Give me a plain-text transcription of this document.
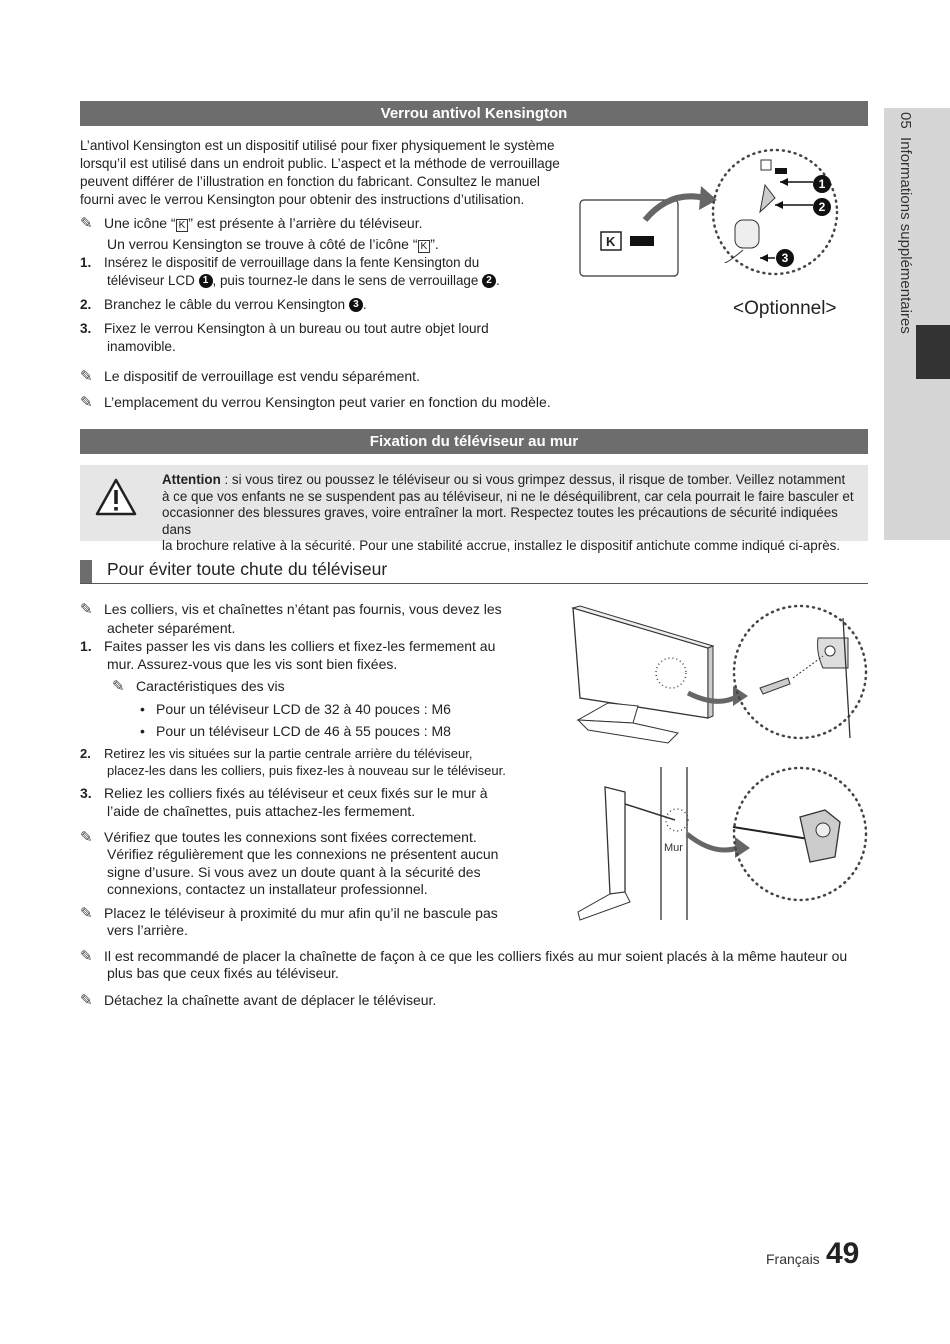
05  Informations supplémentaires
Verrou antivol Kensington
L’antivol Kensington est un dispositif utilisé pour fixer physiquement le système
lorsqu’il est utilisé dans un endroit public. L’aspect et la méthode de verrouillage
peuvent différer de l’illustration en fonction du fabricant. Consultez le manuel
fourni avec le verrou Kensington pour obtenir des instructions d’utilisation.
✎ Une icône “ K ” est présente à l’arrière du téléviseur.
Un verrou Kensington se trouve à côté de l’icône “ K ”.
1. Insérez le dispositif de verrouillage dans la fente Kensington du
téléviseur LCD 1 , puis tournez-le dans le sens de verrouillage 2 .
2. Branchez le câble du verrou Kensington 3 .
3. Fixez le verrou Kensington à un bureau ou tout autre objet lourd
inamovible.
✎ Le dispositif de verrouillage est vendu séparément.
✎ L’emplacement du verrou Kensington peut varier en fonction du modèle.
K
1
2
3
<Optionnel>
Fixation du téléviseur au mur
Attention : si vous tirez ou poussez le téléviseur ou si vous grimpez dessus, il risque de tomber. Veillez notamment
à ce que vos enfants ne se suspendent pas au téléviseur, ni ne le déséquilibrent, car cela pourrait le faire basculer et
occasionner des blessures graves, voire entraîner la mort. Respectez toutes les précautions de sécurité indiquées dans
la brochure relative à la sécurité. Pour une stabilité accrue, installez le dispositif antichute comme indiqué ci-après.
Pour éviter toute chute du téléviseur
✎ Les colliers, vis et chaînettes n’étant pas fournis, vous devez les
acheter séparément.
1. Faites passer les vis dans les colliers et fixez-les fermement au
mur. Assurez-vous que les vis sont bien fixées.
✎ Caractéristiques des vis
• Pour un téléviseur LCD de 32 à 40 pouces : M6
• Pour un téléviseur LCD de 46 à 55 pouces : M8
2. Retirez les vis situées sur la partie centrale arrière du téléviseur,
placez-les dans les colliers, puis fixez-les à nouveau sur le téléviseur.
3. Reliez les colliers fixés au téléviseur et ceux fixés sur le mur à
l’aide de chaînettes, puis attachez-les fermement.
✎ Vérifiez que toutes les connexions sont fixées correctement.
Vérifiez régulièrement que les connexions ne présentent aucun
signe d’usure. Si vous avez un doute quant à la sécurité des
connexions, contactez un installateur professionnel.
✎ Placez le téléviseur à proximité du mur afin qu’il ne bascule pas
vers l’arrière.
✎ Il est recommandé de placer la chaînette de façon à ce que les colliers fixés au mur soient placés à la même hauteur ou
plus bas que ceux fixés au téléviseur.
✎ Détachez la chaînette avant de déplacer le téléviseur.
Mur
Français 49
